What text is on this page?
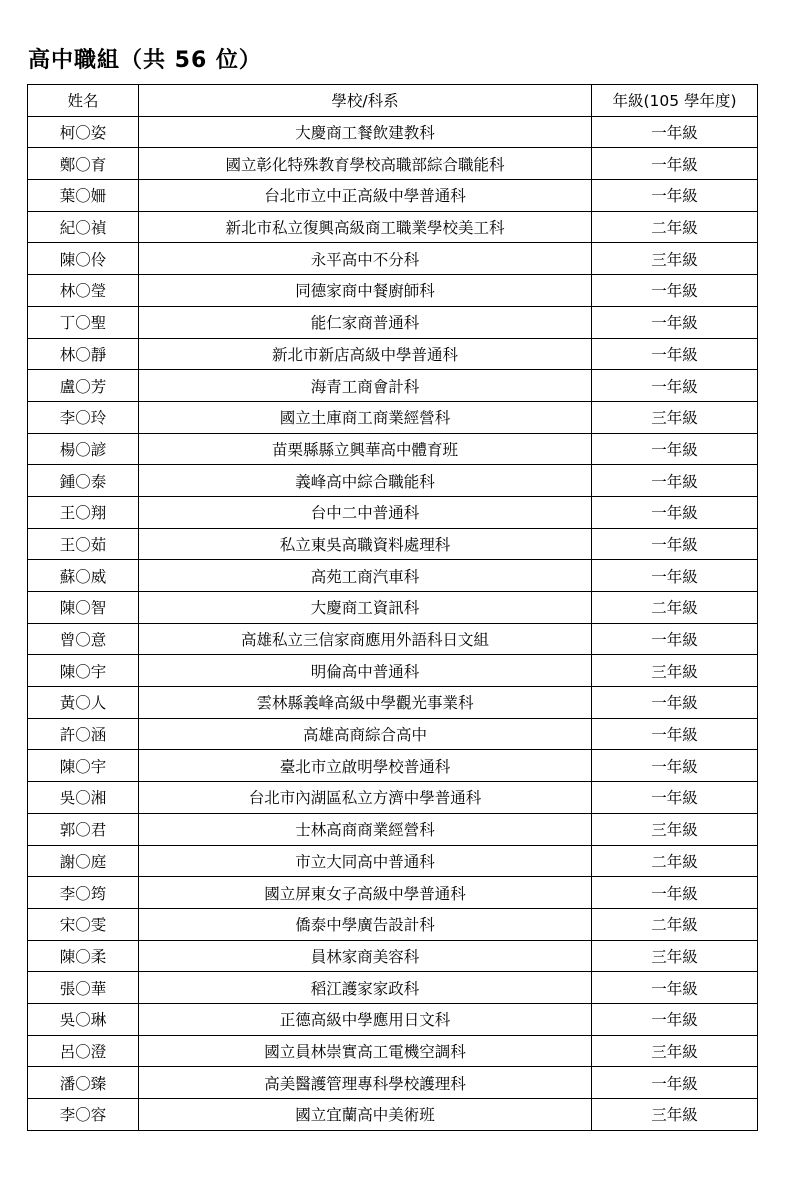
高中職組（共 56 位）
姓名	學校/科系	年級(105 學年度)
柯〇姿	大慶商工餐飲建教科	一年級
鄭〇育	國立彰化特殊教育學校高職部綜合職能科	一年級
葉〇姍	台北市立中正高級中學普通科	一年級
紀〇禎	新北市私立復興高級商工職業學校美工科	二年級
陳〇伶	永平高中不分科	三年級
林〇瑩	同德家商中餐廚師科	一年級
丁〇聖	能仁家商普通科	一年級
林〇靜	新北市新店高級中學普通科	一年級
盧〇芳	海青工商會計科	一年級
李〇玲	國立土庫商工商業經營科	三年級
楊〇諺	苗栗縣縣立興華高中體育班	一年級
鍾〇泰	義峰高中綜合職能科	一年級
王〇翔	台中二中普通科	一年級
王〇茹	私立東吳高職資料處理科	一年級
蘇〇威	高苑工商汽車科	一年級
陳〇智	大慶商工資訊科	二年級
曾〇意	高雄私立三信家商應用外語科日文組	一年級
陳〇宇	明倫高中普通科	三年級
黃〇人	雲林縣義峰高級中學觀光事業科	一年級
許〇涵	高雄高商綜合高中	一年級
陳〇宇	臺北市立啟明學校普通科	一年級
吳〇湘	台北市內湖區私立方濟中學普通科	一年級
郭〇君	士林高商商業經營科	三年級
謝〇庭	市立大同高中普通科	二年級
李〇筠	國立屏東女子高級中學普通科	一年級
宋〇雯	僑泰中學廣告設計科	二年級
陳〇柔	員林家商美容科	三年級
張〇華	稻江護家家政科	一年級
吳〇琳	正德高級中學應用日文科	一年級
呂〇澄	國立員林崇實高工電機空調科	三年級
潘〇臻	高美醫護管理專科學校護理科	一年級
李〇容	國立宜蘭高中美術班	三年級
